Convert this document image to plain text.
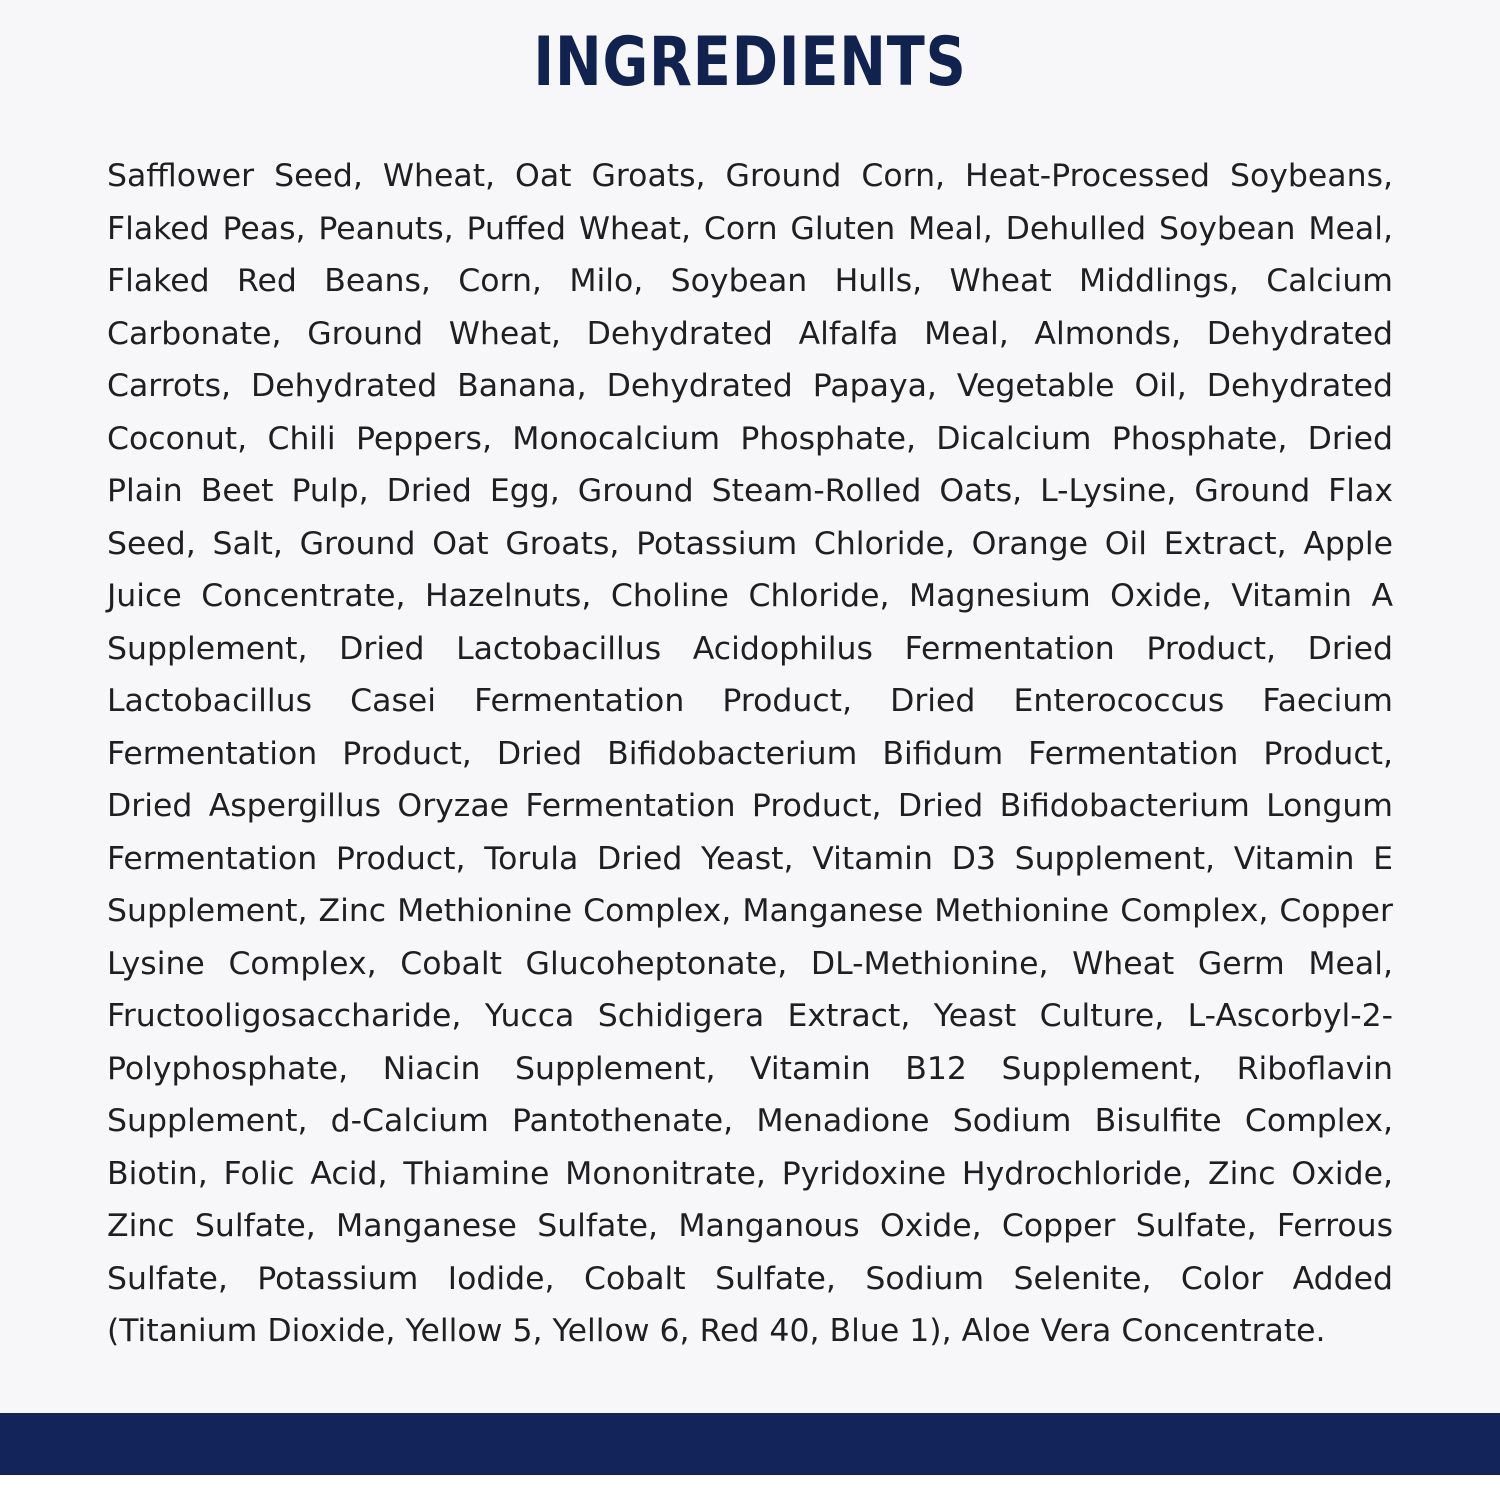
INGREDIENTS

Safflower Seed, Wheat, Oat Groats, Ground Corn, Heat-Processed Soybeans, Flaked Peas, Peanuts, Puffed Wheat, Corn Gluten Meal, Dehulled Soybean Meal, Flaked Red Beans, Corn, Milo, Soybean Hulls, Wheat Middlings, Calcium Carbonate, Ground Wheat, Dehydrated Alfalfa Meal, Almonds, Dehydrated Carrots, Dehydrated Banana, Dehydrated Papaya, Vegetable Oil, Dehydrated Coconut, Chili Peppers, Monocalcium Phosphate, Dicalcium Phosphate, Dried Plain Beet Pulp, Dried Egg, Ground Steam-Rolled Oats, L-Lysine, Ground Flax Seed, Salt, Ground Oat Groats, Potassium Chloride, Orange Oil Extract, Apple Juice Concentrate, Hazelnuts, Choline Chloride, Magnesium Oxide, Vitamin A Supplement, Dried Lactobacillus Acidophilus Fermentation Product, Dried Lactobacillus Casei Fermentation Product, Dried Enterococcus Faecium Fermentation Product, Dried Bifidobacterium Bifidum Fermentation Product, Dried Aspergillus Oryzae Fermentation Product, Dried Bifidobacterium Longum Fermentation Product, Torula Dried Yeast, Vitamin D3 Supplement, Vitamin E Supplement, Zinc Methionine Complex, Manganese Methionine Complex, Copper Lysine Complex, Cobalt Glucoheptonate, DL-Methionine, Wheat Germ Meal, Fructooligosaccharide, Yucca Schidigera Extract, Yeast Culture, L-Ascorbyl-2-Polyphosphate, Niacin Supplement, Vitamin B12 Supplement, Riboflavin Supplement, d-Calcium Pantothenate, Menadione Sodium Bisulfite Complex, Biotin, Folic Acid, Thiamine Mononitrate, Pyridoxine Hydrochloride, Zinc Oxide, Zinc Sulfate, Manganese Sulfate, Manganous Oxide, Copper Sulfate, Ferrous Sulfate, Potassium Iodide, Cobalt Sulfate, Sodium Selenite, Color Added (Titanium Dioxide, Yellow 5, Yellow 6, Red 40, Blue 1), Aloe Vera Concentrate.
